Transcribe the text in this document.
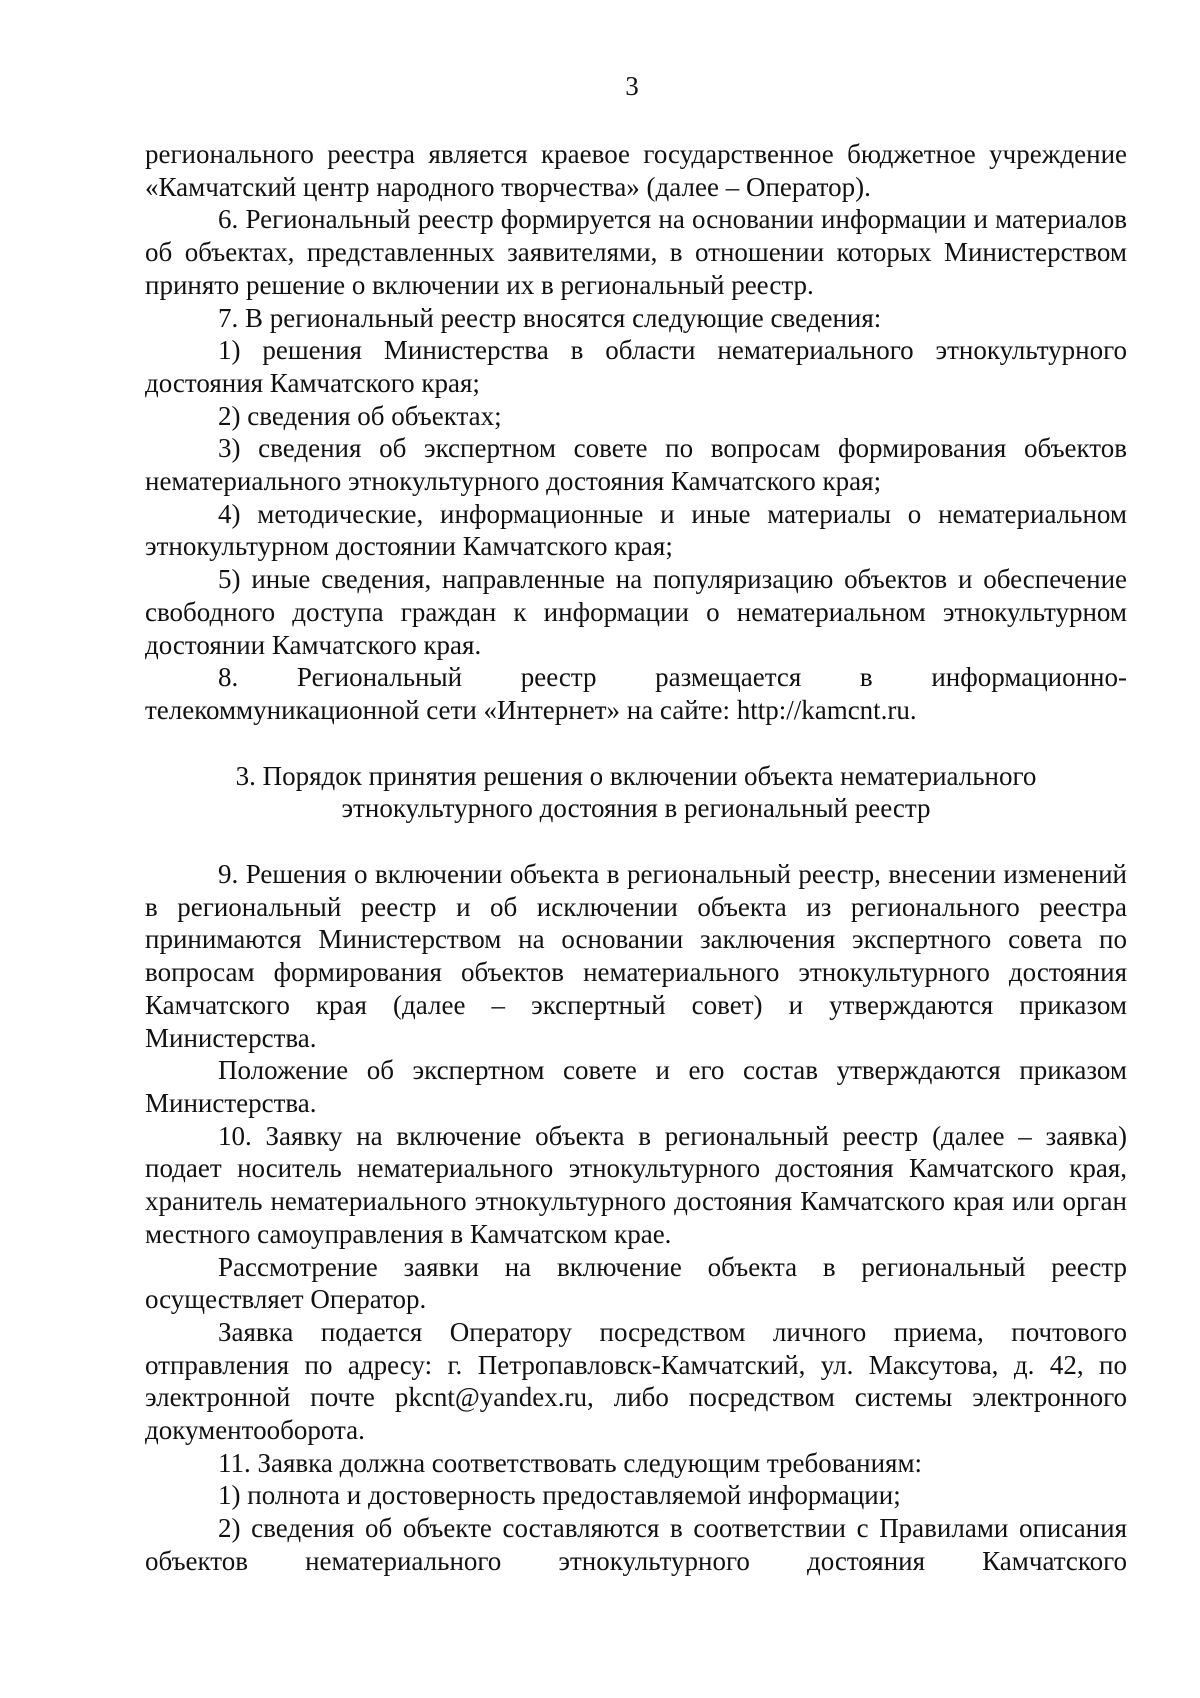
3

регионального реестра является краевое государственное бюджетное учреждение «Камчатский центр народного творчества» (далее – Оператор).

6. Региональный реестр формируется на основании информации и материалов об объектах, представленных заявителями, в отношении которых Министерством принято решение о включении их в региональный реестр.

7. В региональный реестр вносятся следующие сведения:

1) решения Министерства в области нематериального этнокультурного достояния Камчатского края;

2) сведения об объектах;

3) сведения об экспертном совете по вопросам формирования объектов нематериального этнокультурного достояния Камчатского края;

4) методические, информационные и иные материалы о нематериальном этнокультурном достоянии Камчатского края;

5) иные сведения, направленные на популяризацию объектов и обеспечение свободного доступа граждан к информации о нематериальном этнокультурном достоянии Камчатского края.

8. Региональный реестр размещается в информационно-телекоммуникационной сети «Интернет» на сайте: http://kamcnt.ru.

3. Порядок принятия решения о включении объекта нематериального
этнокультурного достояния в региональный реестр

9. Решения о включении объекта в региональный реестр, внесении изменений в региональный реестр и об исключении объекта из регионального реестра принимаются Министерством на основании заключения экспертного совета по вопросам формирования объектов нематериального этнокультурного достояния Камчатского края (далее – экспертный совет) и утверждаются приказом Министерства.

Положение об экспертном совете и его состав утверждаются приказом Министерства.

10. Заявку на включение объекта в региональный реестр (далее – заявка) подает носитель нематериального этнокультурного достояния Камчатского края, хранитель нематериального этнокультурного достояния Камчатского края или орган местного самоуправления в Камчатском крае.

Рассмотрение заявки на включение объекта в региональный реестр осуществляет Оператор.

Заявка подается Оператору посредством личного приема, почтового отправления по адресу: г. Петропавловск-Камчатский, ул. Максутова, д. 42, по электронной почте pkcnt@yandex.ru, либо посредством системы электронного документооборота.

11. Заявка должна соответствовать следующим требованиям:

1) полнота и достоверность предоставляемой информации;

2) сведения об объекте составляются в соответствии с Правилами описания объектов нематериального этнокультурного достояния Камчатского
